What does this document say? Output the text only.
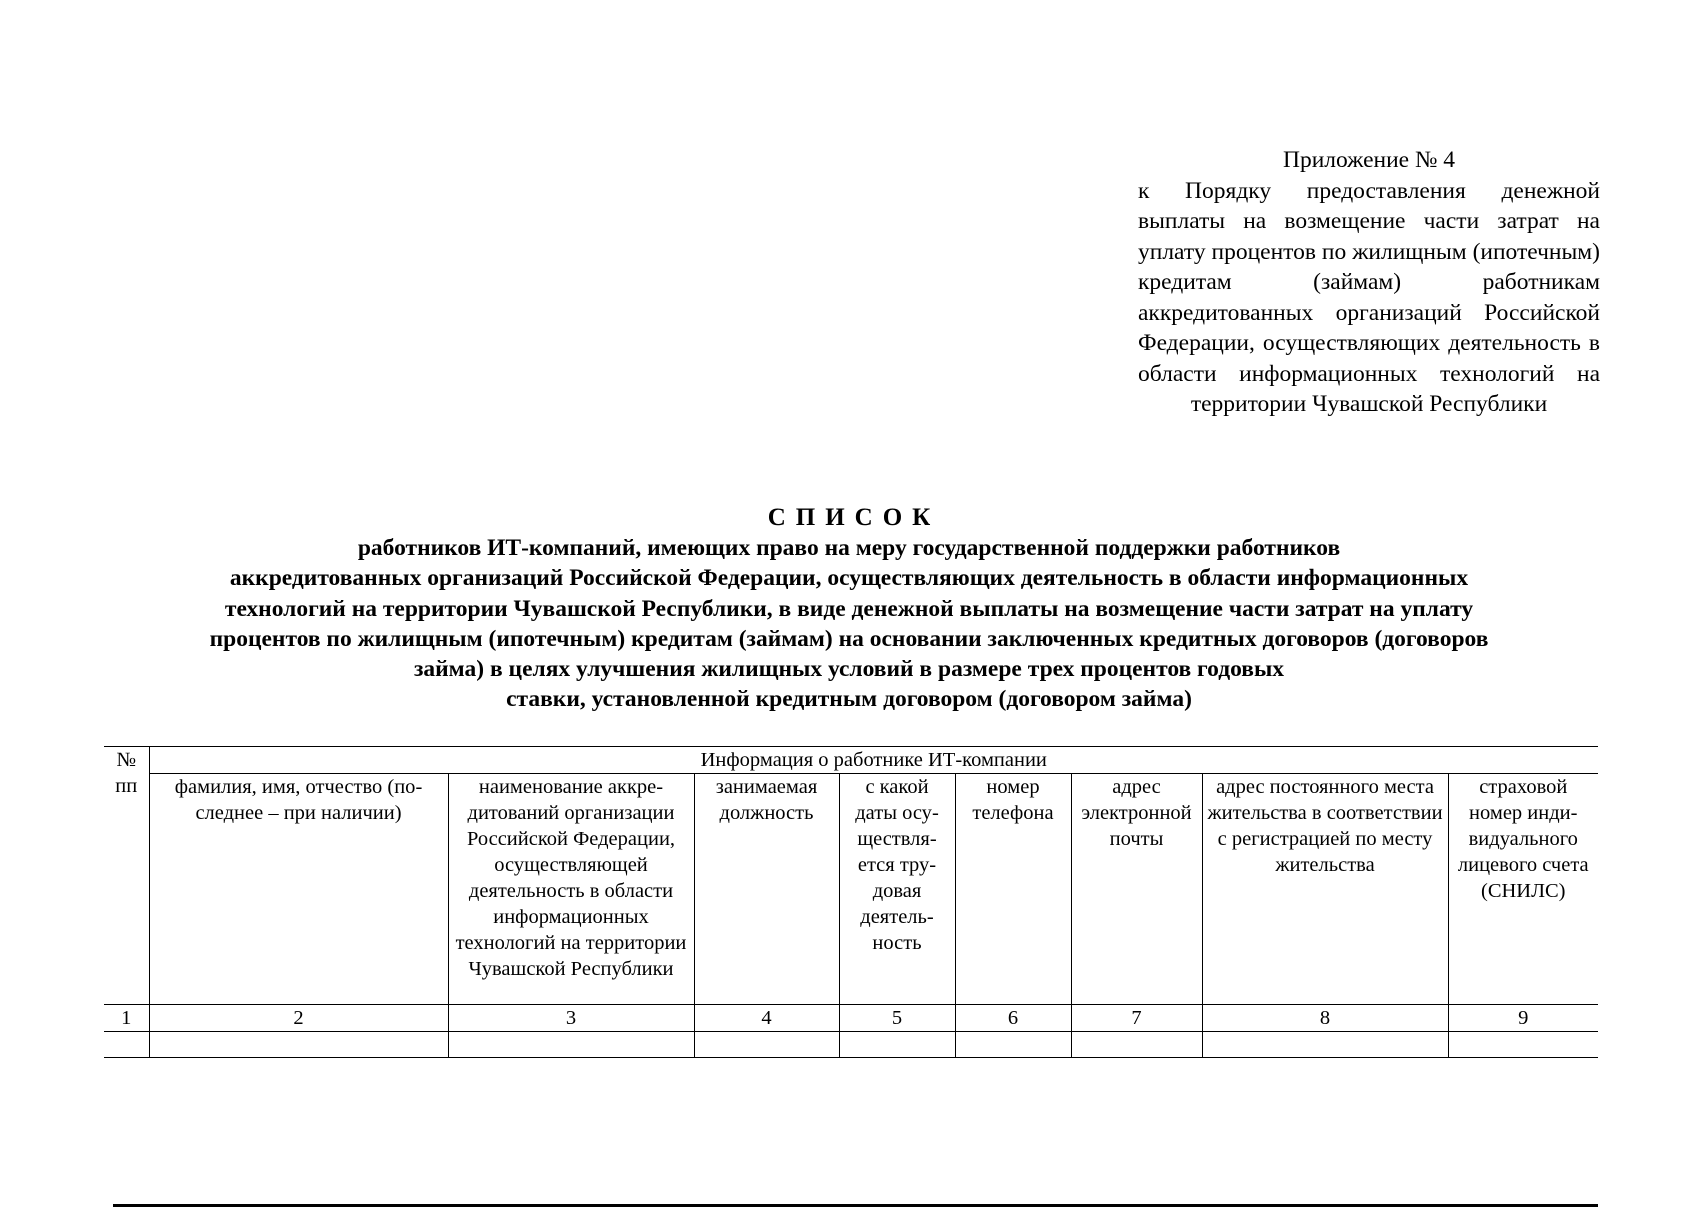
Приложение № 4
к Порядку предоставления денежной выплаты на возмещение части затрат на уплату процентов по жилищным (ипотечным) кредитам (займам) работникам аккредитованных организаций Российской Федерации, осуществляющих деятельность в области информационных технологий на территории Чувашской Республики
СПИСОК
работников ИТ-компаний, имеющих право на меру государственной поддержки работников
аккредитованных организаций Российской Федерации, осуществляющих деятельность в области информационных
технологий на территории Чувашской Республики, в виде денежной выплаты на возмещение части затрат на уплату
процентов по жилищным (ипотечным) кредитам (займам) на основании заключенных кредитных договоров (договоров
займа) в целях улучшения жилищных условий в размере трех процентов годовых
ставки, установленной кредитным договором (договором займа)
№ пп	Информация о работнике ИТ-компании							
	фамилия, имя, отчество (последнее – при наличии)	наименование аккредитований организации Российской Федерации, осуществляющей деятельность в области информационных технологий на территории Чувашской Республики	занимаемая должность	с какой даты осуществляется трудовая деятельность	номер телефона	адрес электронной почты	адрес постоянного места жительства в соответствии с регистрацией по месту жительства	страховой номер индивидуального лицевого счета (СНИЛС)
1	2	3	4	5	6	7	8	9
